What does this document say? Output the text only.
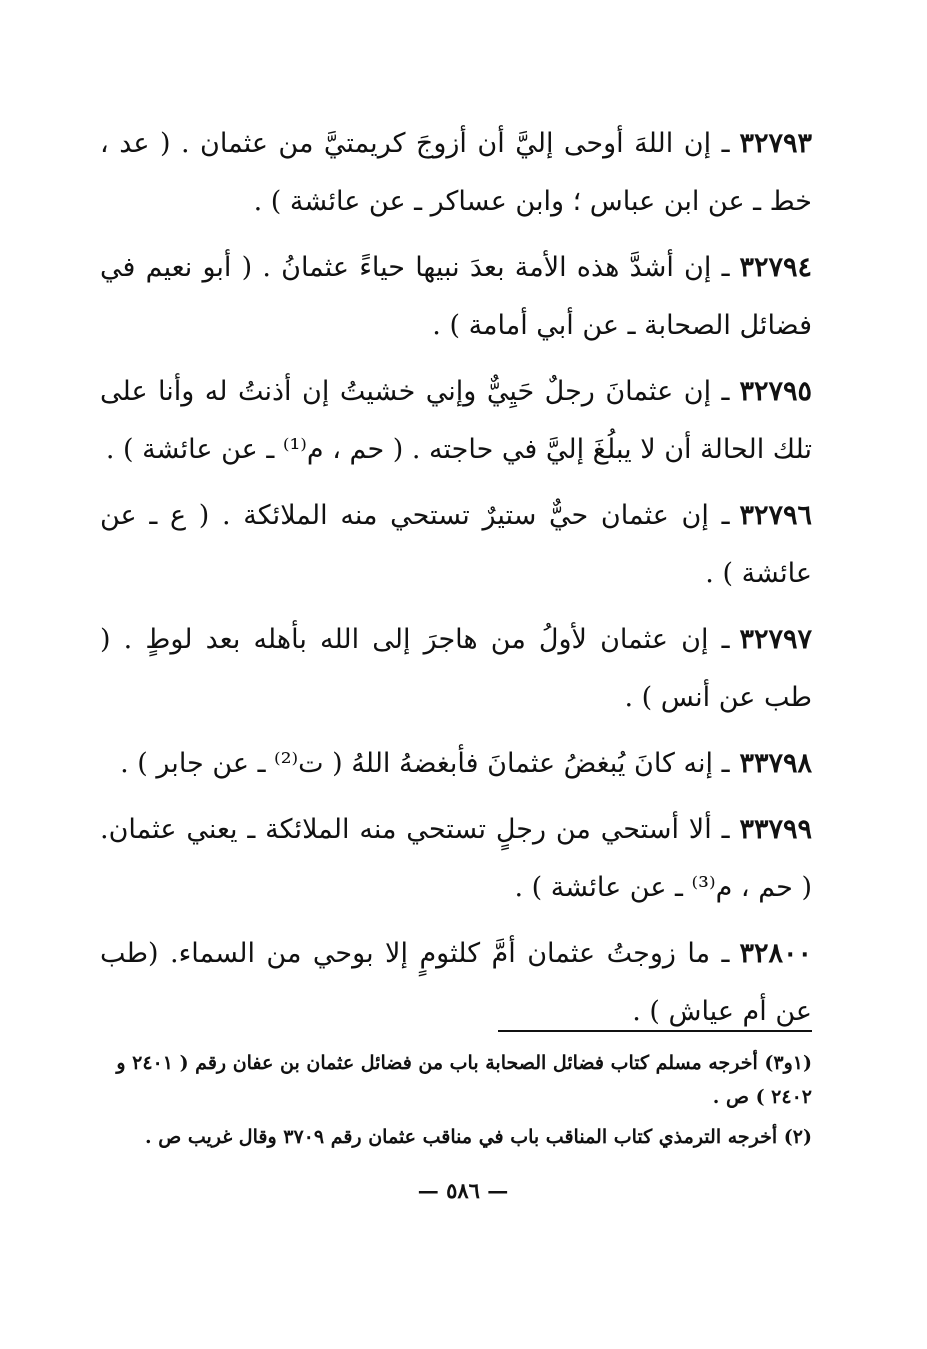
٣٢٧٩٣ـ إن اللهَ أوحى إليَّ أن أزوجَ كريمتيَّ من عثمان . ( عد ، خط ـ عن ابن عباس ؛ وابن عساكر ـ عن عائشة ) .

٣٢٧٩٤ـ إن أشدَّ هذه الأمة بعدَ نبيها حياءً عثمانُ . ( أبو نعيم في فضائل الصحابة ـ عن أبي أمامة ) .

٣٢٧٩٥ـ إن عثمانَ رجلٌ حَيِيٌّ وإني خشيتُ إن أذنتُ له وأنا على تلك الحالة أن لا يبلُغَ إليَّ في حاجته . ( حم ، م⁽¹⁾ ـ عن عائشة ) .

٣٢٧٩٦ـ إن عثمان حيٌّ ستيرٌ تستحي منه الملائكة . ( ع ـ عن عائشة ) .

٣٢٧٩٧ـ إن عثمان لأولُ من هاجرَ إلى الله بأهله بعد لوطٍ . ( طب عن أنس ) .

٣٣٧٩٨ـ إنه كانَ يُبغضُ عثمانَ فأبغضهُ اللهُ ( ت⁽²⁾ ـ عن جابر ) .

٣٣٧٩٩ـ ألا أستحي من رجلٍ تستحي منه الملائكة ـ يعني عثمان. ( حم ، م⁽³⁾ ـ عن عائشة ) .

٣٢٨٠٠ـ ما زوجتُ عثمان أمَّ كلثومٍ إلا بوحي من السماء. (طب عن أم عياش ) .

(١و٣) أخرجه مسلم كتاب فضائل الصحابة باب من فضائل عثمان بن عفان رقم ( ٢٤٠١ و ٢٤٠٢ ) ص .

(٢) أخرجه الترمذي كتاب المناقب باب في مناقب عثمان رقم ٣٧٠٩ وقال غريب ص .

— ٥٨٦ —
